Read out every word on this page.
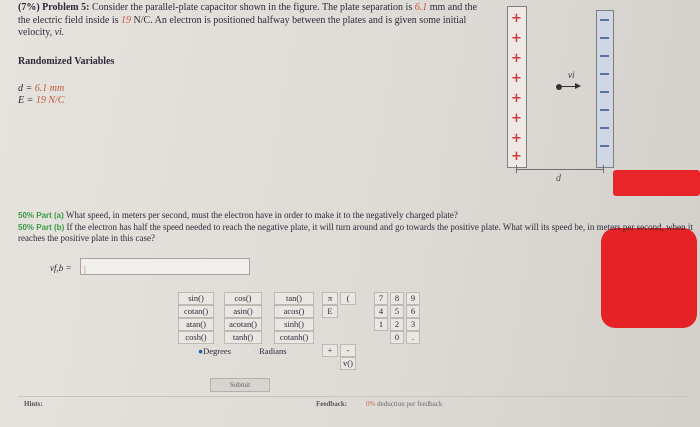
(7%) Problem 5: Consider the parallel-plate capacitor shown in the figure. The plate separation is 6.1 mm and the the electric field inside is 19 N/C. An electron is positioned halfway between the plates and is given some initial velocity, vi.
Randomized Variables
d = 6.1 mm
E = 19 N/C
+
+
+
+
+
+
+
+
vi
d
50% Part (a) What speed, in meters per second, must the electron have in order to make it to the negatively charged plate?
50% Part (b) If the electron has half the speed needed to reach the negative plate, it will turn around and go towards the positive plate. What will its speed be, in meters per second, when it reaches the positive plate in this case?
vf,b =	|
sin()	cos()	tan()
cotan()	asin()	acos()
atan()	acotan()	sinh()
cosh()	tanh()	cotanh()
●Degrees	○Radians
π	(
E
+	-
v()
7	8	9
4	5	6
1	2	3
0	.
Submit
Hints:	Feedback:	0% deduction per feedback
